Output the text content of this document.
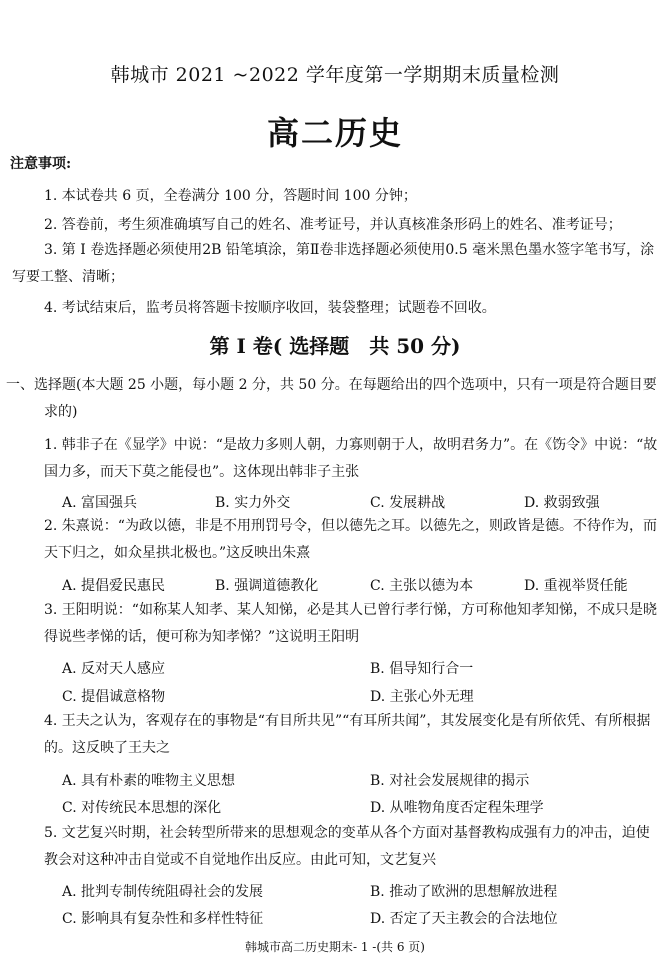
韩城市 2021 ~2022 学年度第一学期期末质量检测
高二历史
注意事项:
1. 本试卷共 6 页，全卷满分 100 分，答题时间 100 分钟；
2. 答卷前，考生须准确填写自己的姓名、准考证号，并认真核准条形码上的姓名、准考证号；
3. 第 Ⅰ 卷选择题必须使用2B 铅笔填涂，第Ⅱ卷非选择题必须使用0.5 毫米黑色墨水签字笔书写，涂写要工整、清晰；
4. 考试结束后，监考员将答题卡按顺序收回，装袋整理；试题卷不回收。
第 Ⅰ 卷( 选择题　共 50 分)
一、选择题(本大题 25 小题，每小题 2 分，共 50 分。在每题给出的四个选项中，只有一项是符合题目要求的)
1. 韩非子在《显学》中说：“是故力多则人朝，力寡则朝于人，故明君务力”。在《饬令》中说：“故国力多，而天下莫之能侵也”。这体现出韩非子主张
A. 富国强兵	B. 实力外交	C. 发展耕战	D. 救弱致强
2. 朱熹说：“为政以德，非是不用刑罚号令，但以德先之耳。以德先之，则政皆是德。不待作为，而天下归之，如众星拱北极也。”这反映出朱熹
A. 提倡爱民惠民	B. 强调道德教化	C. 主张以德为本	D. 重视举贤任能
3. 王阳明说：“如称某人知孝、某人知悌，必是其人已曾行孝行悌，方可称他知孝知悌，不成只是晓得说些孝悌的话，便可称为知孝悌？”这说明王阳明
A. 反对天人感应	B. 倡导知行合一
C. 提倡诚意格物	D. 主张心外无理
4. 王夫之认为，客观存在的事物是“有目所共见”“有耳所共闻”，其发展变化是有所依凭、有所根据的。这反映了王夫之
A. 具有朴素的唯物主义思想	B. 对社会发展规律的揭示
C. 对传统民本思想的深化	D. 从唯物角度否定程朱理学
5. 文艺复兴时期，社会转型所带来的思想观念的变革从各个方面对基督教构成强有力的冲击，迫使教会对这种冲击自觉或不自觉地作出反应。由此可知，文艺复兴
A. 批判专制传统阻碍社会的发展	B. 推动了欧洲的思想解放进程
C. 影响具有复杂性和多样性特征	D. 否定了天主教会的合法地位
韩城市高二历史期末- 1 -(共 6 页)
